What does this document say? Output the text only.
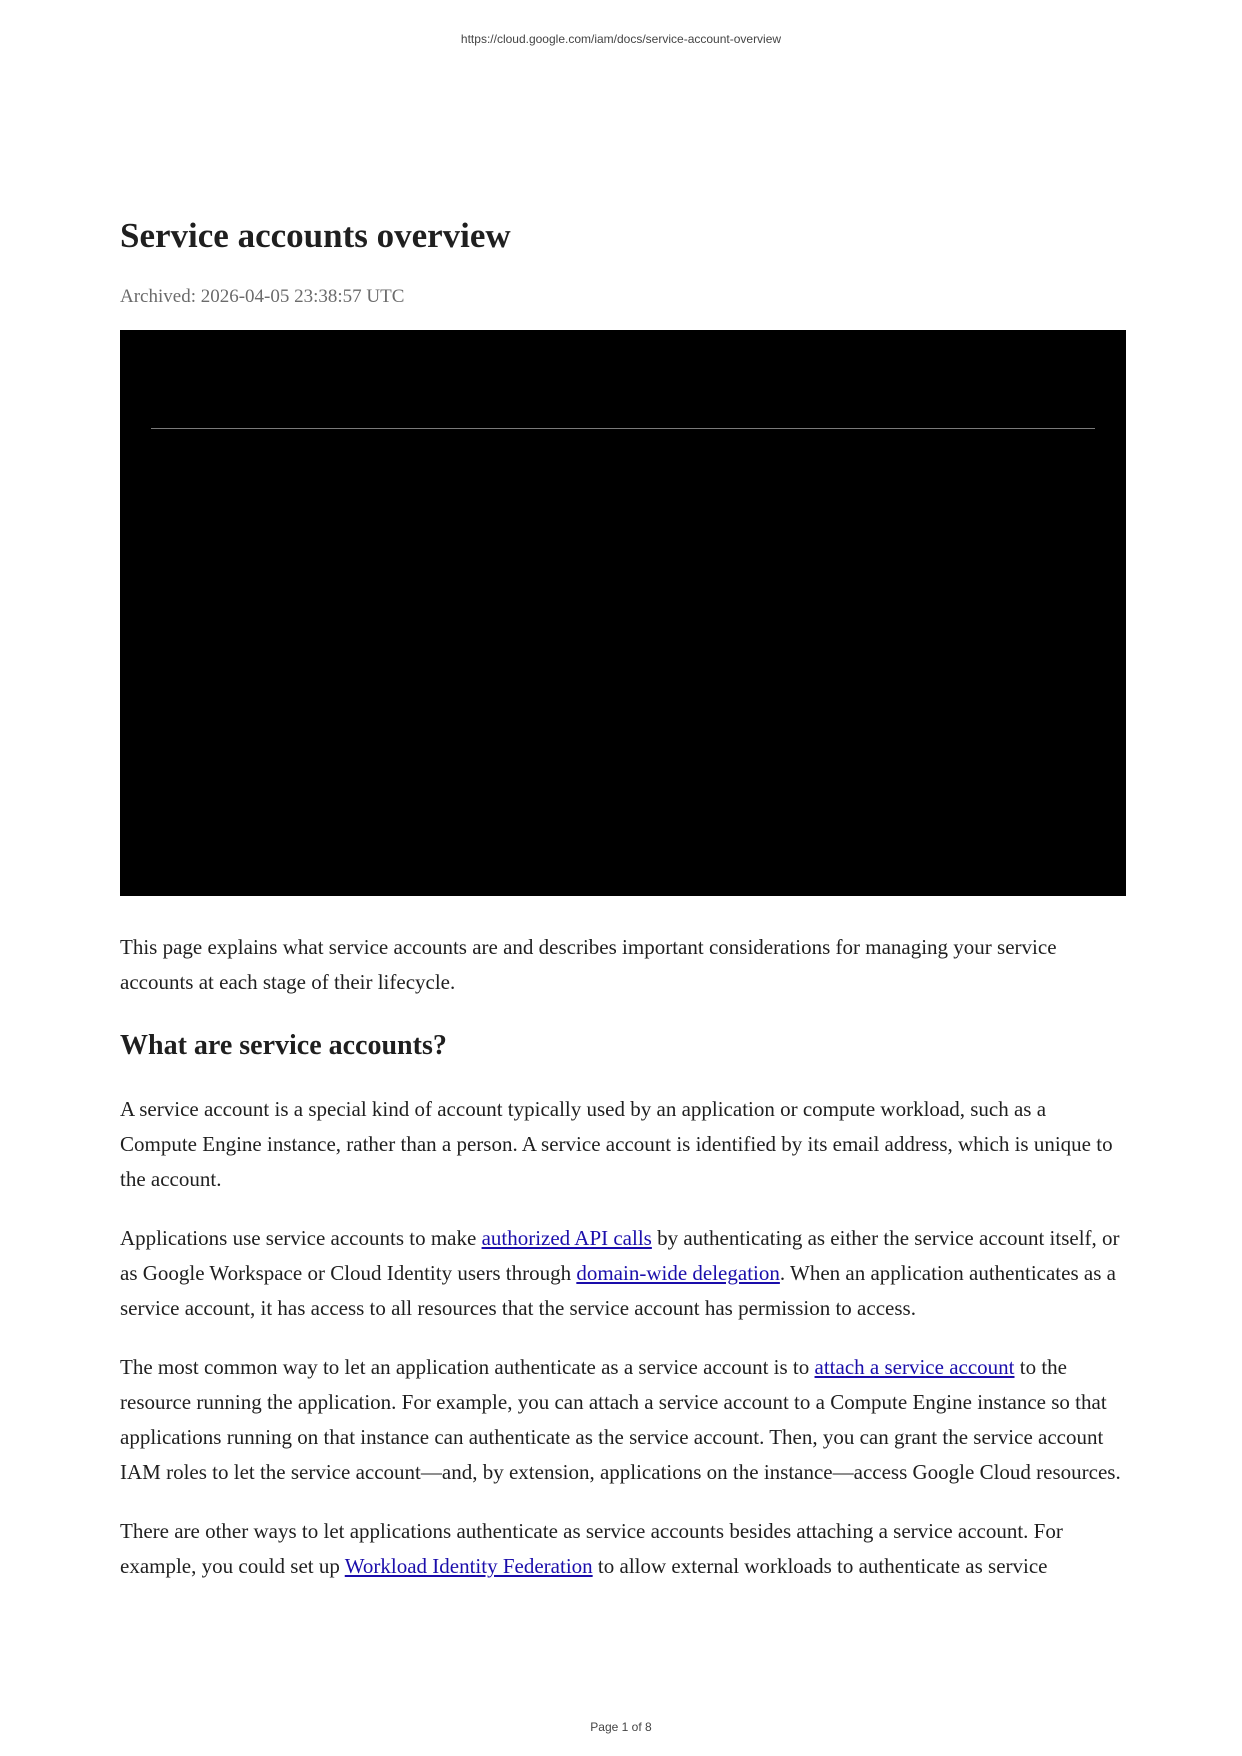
https://cloud.google.com/iam/docs/service-account-overview
Service accounts overview
Archived: 2026-04-05 23:38:57 UTC

This page explains what service accounts are and describes important considerations for managing your service accounts at each stage of their lifecycle.

What are service accounts?

A service account is a special kind of account typically used by an application or compute workload, such as a Compute Engine instance, rather than a person. A service account is identified by its email address, which is unique to the account.

Applications use service accounts to make authorized API calls by authenticating as either the service account itself, or as Google Workspace or Cloud Identity users through domain-wide delegation. When an application authenticates as a service account, it has access to all resources that the service account has permission to access.

The most common way to let an application authenticate as a service account is to attach a service account to the resource running the application. For example, you can attach a service account to a Compute Engine instance so that applications running on that instance can authenticate as the service account. Then, you can grant the service account IAM roles to let the service account—and, by extension, applications on the instance—access Google Cloud resources.

There are other ways to let applications authenticate as service accounts besides attaching a service account. For example, you could set up Workload Identity Federation to allow external workloads to authenticate as service

Page 1 of 8
